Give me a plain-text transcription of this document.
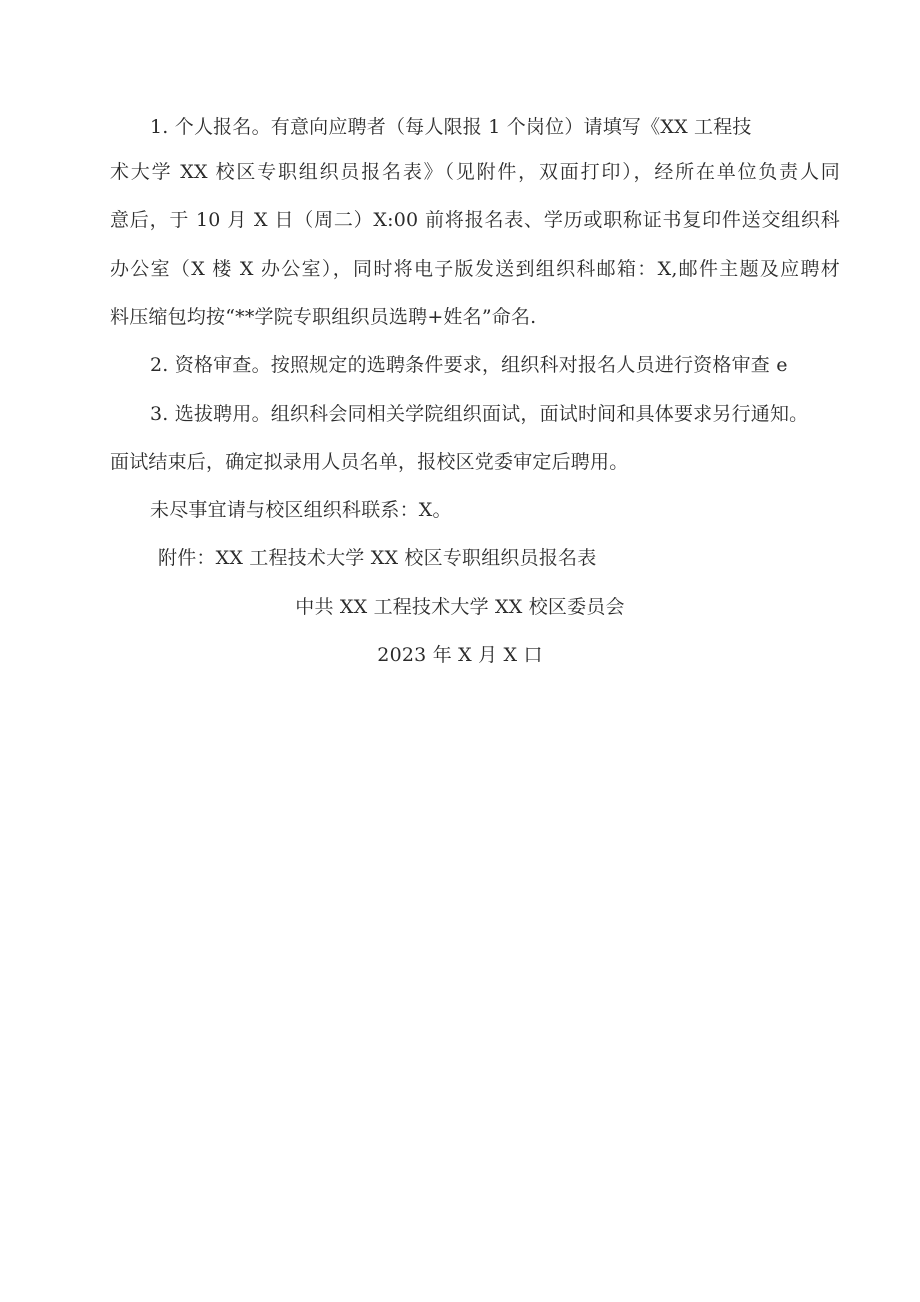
1. 个人报名。有意向应聘者（每人限报 1 个岗位）请填写《XX 工程技
术大学 XX 校区专职组织员报名表》（见附件，双面打印），经所在单位负责人同
意后，于 10 月 X 日（周二）X:00 前将报名表、学历或职称证书复印件送交组织科
办公室（X 楼 X 办公室），同时将电子版发送到组织科邮箱：X,邮件主题及应聘材
料压缩包均按“**学院专职组织员选聘+姓名”命名.
2. 资格审查。按照规定的选聘条件要求，组织科对报名人员进行资格审查 e
3. 选拔聘用。组织科会同相关学院组织面试，面试时间和具体要求另行通知。
面试结束后，确定拟录用人员名单，报校区党委审定后聘用。
未尽事宜请与校区组织科联系：X。
附件：XX 工程技术大学 XX 校区专职组织员报名表
中共 XX 工程技术大学 XX 校区委员会
2023 年 X 月 X 口
